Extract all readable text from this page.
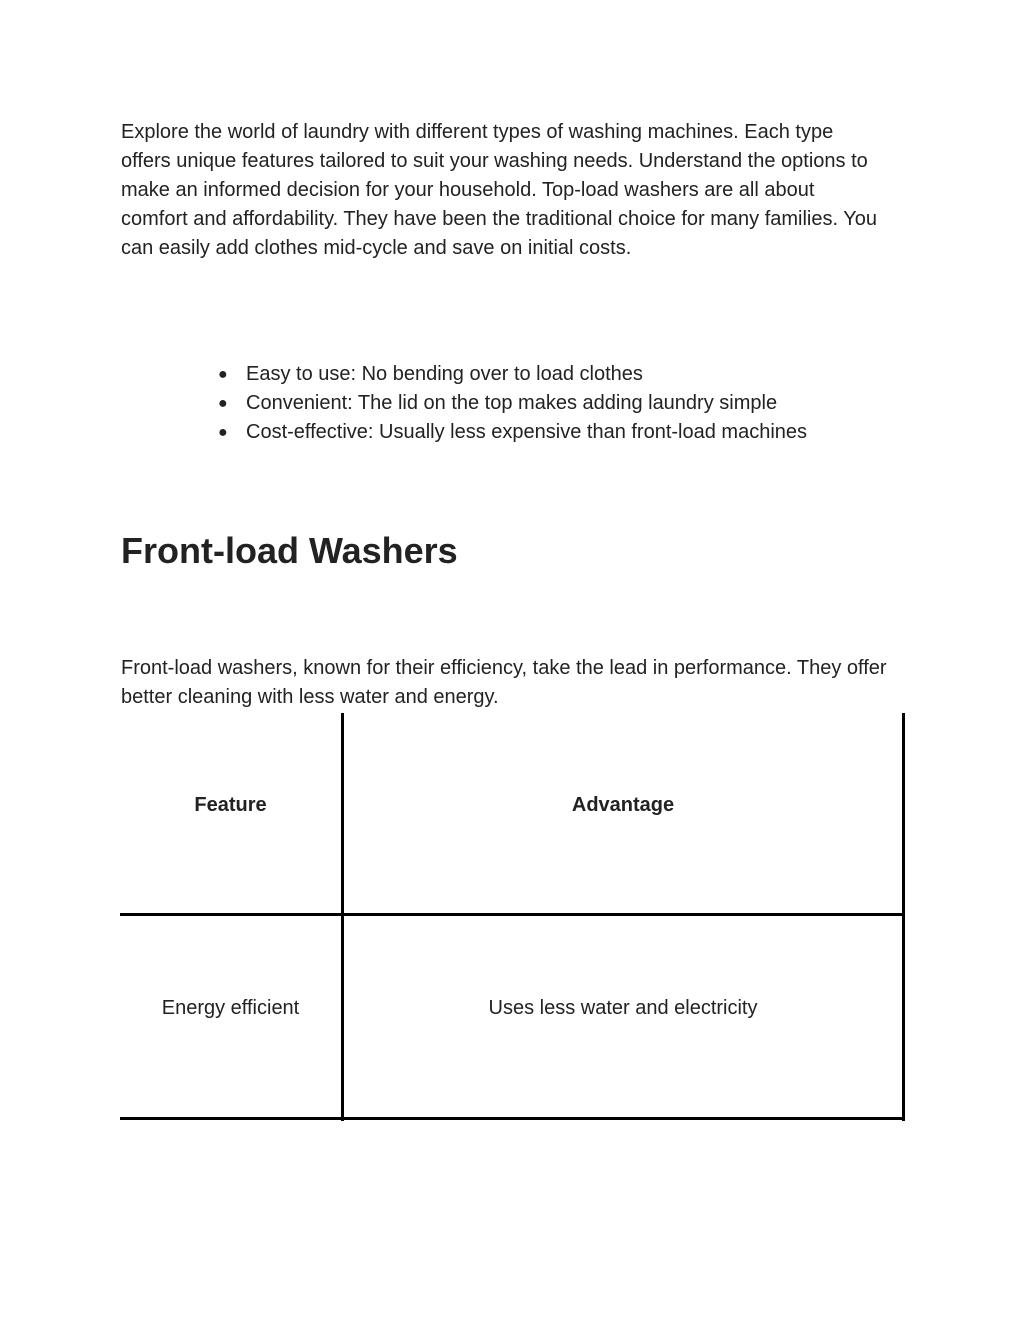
Explore the world of laundry with different types of washing machines. Each type offers unique features tailored to suit your washing needs. Understand the options to make an informed decision for your household. Top-load washers are all about comfort and affordability. They have been the traditional choice for many families. You can easily add clothes mid-cycle and save on initial costs.

● Easy to use: No bending over to load clothes
● Convenient: The lid on the top makes adding laundry simple
● Cost-effective: Usually less expensive than front-load machines
Front-load Washers

Front-load washers, known for their efficiency, take the lead in performance. They offer better cleaning with less water and energy.

Feature	Advantage
Energy efficient	Uses less water and electricity
